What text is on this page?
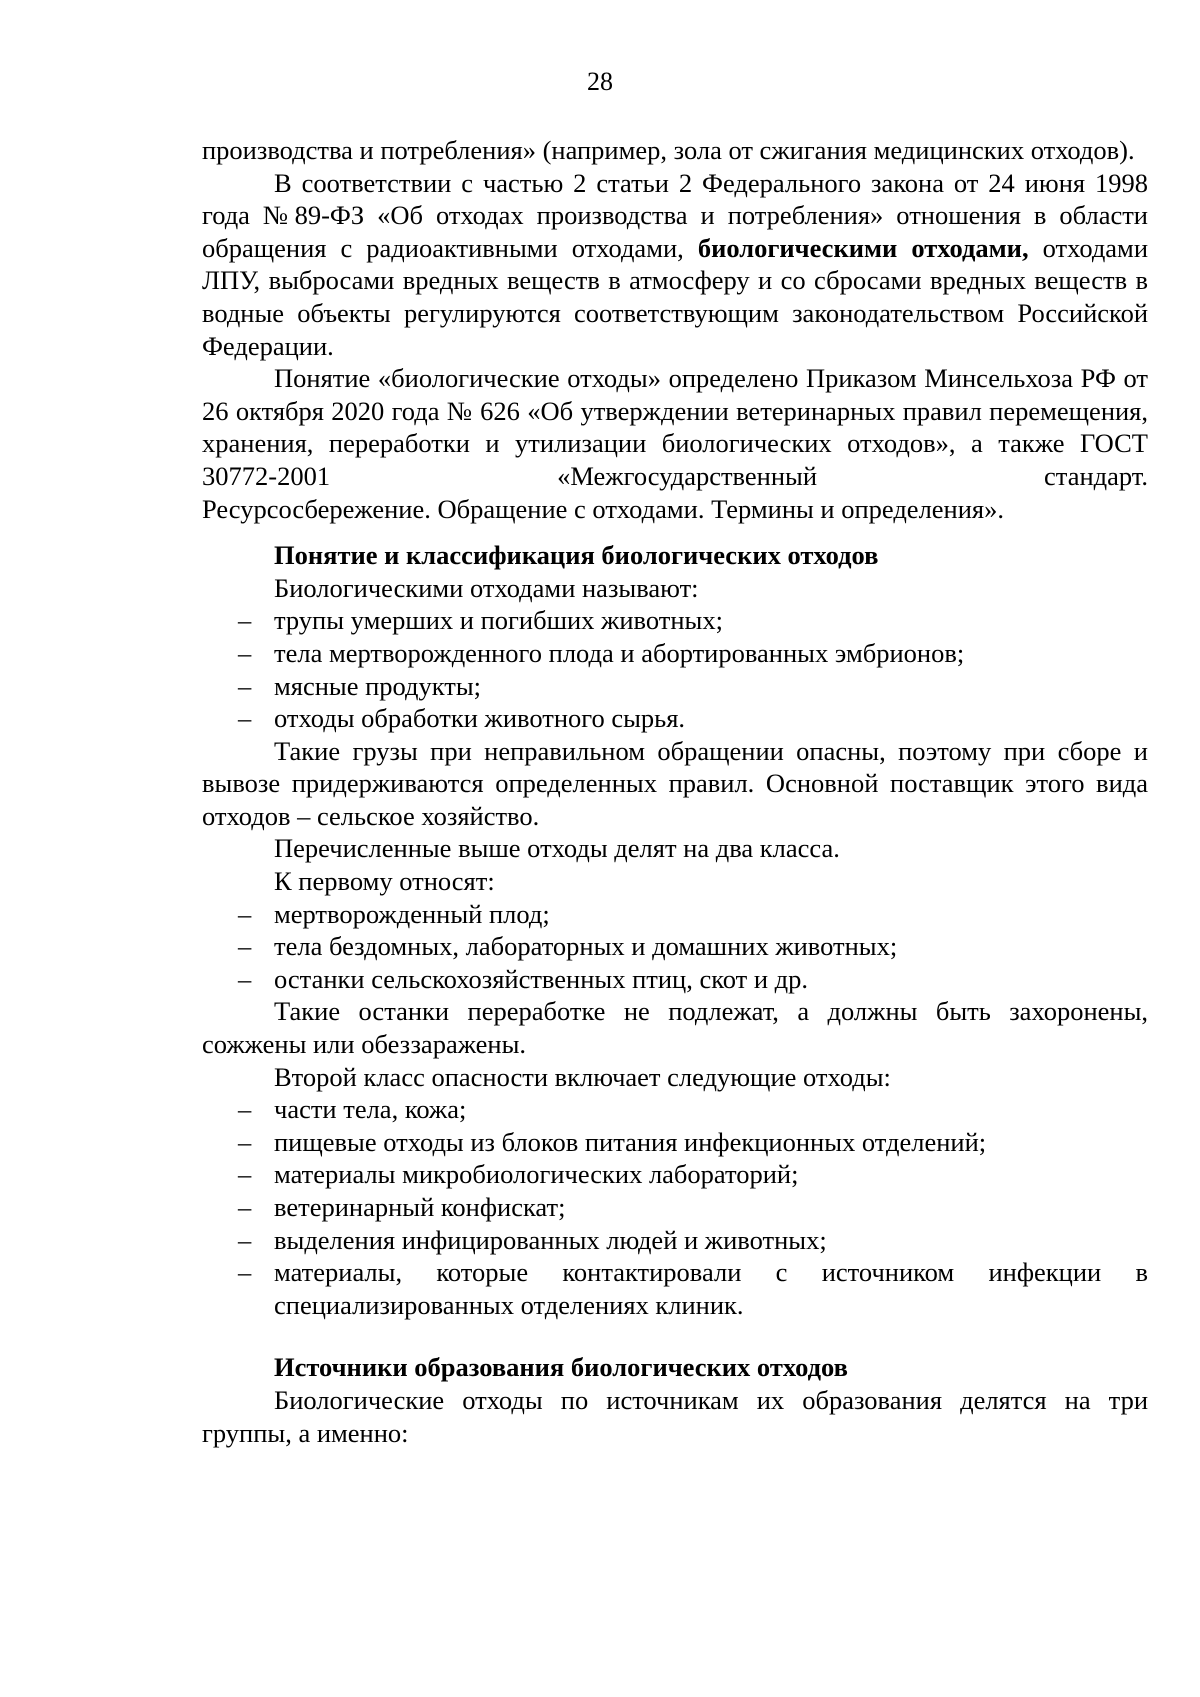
28

производства и потребления» (например, зола от сжигания медицинских отходов).

В соответствии с частью 2 статьи 2 Федерального закона от 24 июня 1998 года №89-ФЗ «Об отходах производства и потребления» отношения в области обращения с радиоактивными отходами, биологическими отходами, отходами ЛПУ, выбросами вредных веществ в атмосферу и со сбросами вредных веществ в водные объекты регулируются соответствующим законодательством Российской Федерации.

Понятие «биологические отходы» определено Приказом Минсельхоза РФ от 26 октября 2020 года № 626 «Об утверждении ветеринарных правил перемещения, хранения, переработки и утилизации биологических отходов», а также ГОСТ 30772-2001 «Межгосударственный стандарт.

Ресурсосбережение. Обращение с отходами. Термины и определения».

Понятие и классификация биологических отходов

Биологическими отходами называют:

– трупы умерших и погибших животных;
– тела мертворожденного плода и абортированных эмбрионов;
– мясные продукты;
– отходы обработки животного сырья.

Такие грузы при неправильном обращении опасны, поэтому при сборе и вывозе придерживаются определенных правил. Основной поставщик этого вида отходов – сельское хозяйство.

Перечисленные выше отходы делят на два класса.

К первому относят:

– мертворожденный плод;
– тела бездомных, лабораторных и домашних животных;
– останки сельскохозяйственных птиц, скот и др.

Такие останки переработке не подлежат, а должны быть захоронены, сожжены или обеззаражены.

Второй класс опасности включает следующие отходы:

– части тела, кожа;
– пищевые отходы из блоков питания инфекционных отделений;
– материалы микробиологических лабораторий;
– ветеринарный конфискат;
– выделения инфицированных людей и животных;
– материалы, которые контактировали с источником инфекции в специализированных отделениях клиник.

Источники образования биологических отходов

Биологические отходы по источникам их образования делятся на три группы, а именно:
